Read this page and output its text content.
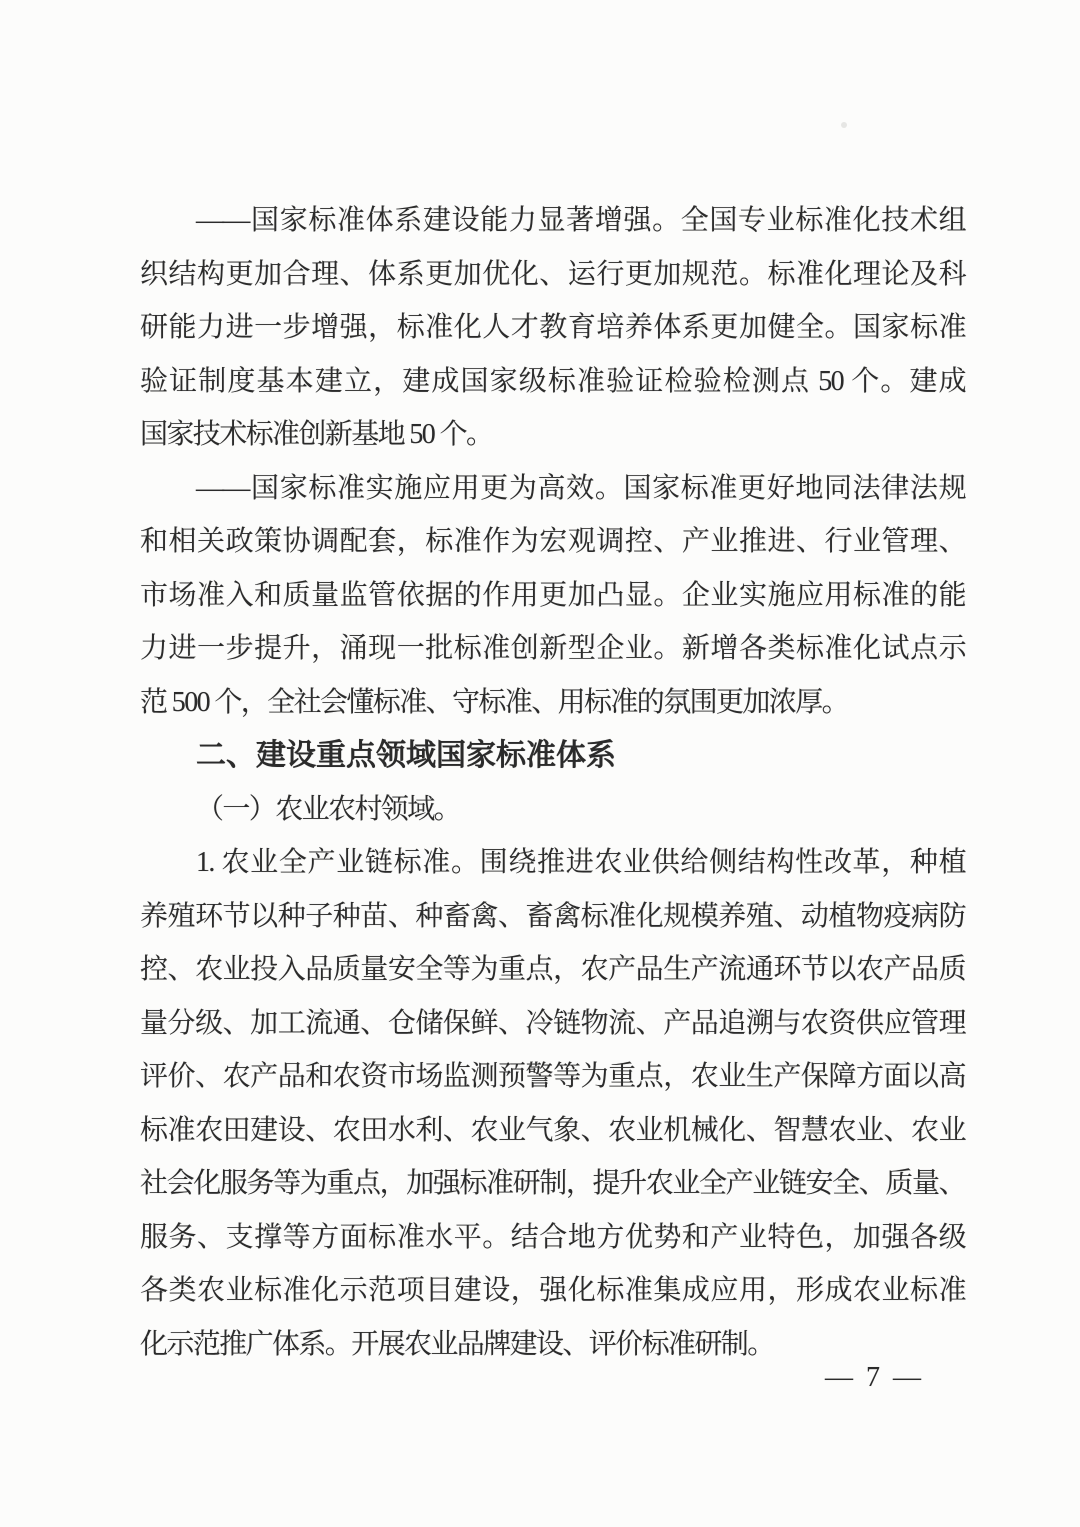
——国家标准体系建设能力显著增强。全国专业标准化技术组
织结构更加合理、体系更加优化、运行更加规范。标准化理论及科
研能力进一步增强，标准化人才教育培养体系更加健全。国家标准
验证制度基本建立，建成国家级标准验证检验检测点 50 个。建成
国家技术标准创新基地 50 个。
——国家标准实施应用更为高效。国家标准更好地同法律法规
和相关政策协调配套，标准作为宏观调控、产业推进、行业管理、
市场准入和质量监管依据的作用更加凸显。企业实施应用标准的能
力进一步提升，涌现一批标准创新型企业。新增各类标准化试点示
范 500 个，全社会懂标准、守标准、用标准的氛围更加浓厚。
二、建设重点领域国家标准体系
（一）农业农村领域。
1. 农业全产业链标准。围绕推进农业供给侧结构性改革，种植
养殖环节以种子种苗、种畜禽、畜禽标准化规模养殖、动植物疫病防
控、农业投入品质量安全等为重点，农产品生产流通环节以农产品质
量分级、加工流通、仓储保鲜、冷链物流、产品追溯与农资供应管理
评价、农产品和农资市场监测预警等为重点，农业生产保障方面以高
标准农田建设、农田水利、农业气象、农业机械化、智慧农业、农业
社会化服务等为重点，加强标准研制，提升农业全产业链安全、质量、
服务、支撑等方面标准水平。结合地方优势和产业特色，加强各级
各类农业标准化示范项目建设，强化标准集成应用，形成农业标准
化示范推广体系。开展农业品牌建设、评价标准研制。
— 7 —
